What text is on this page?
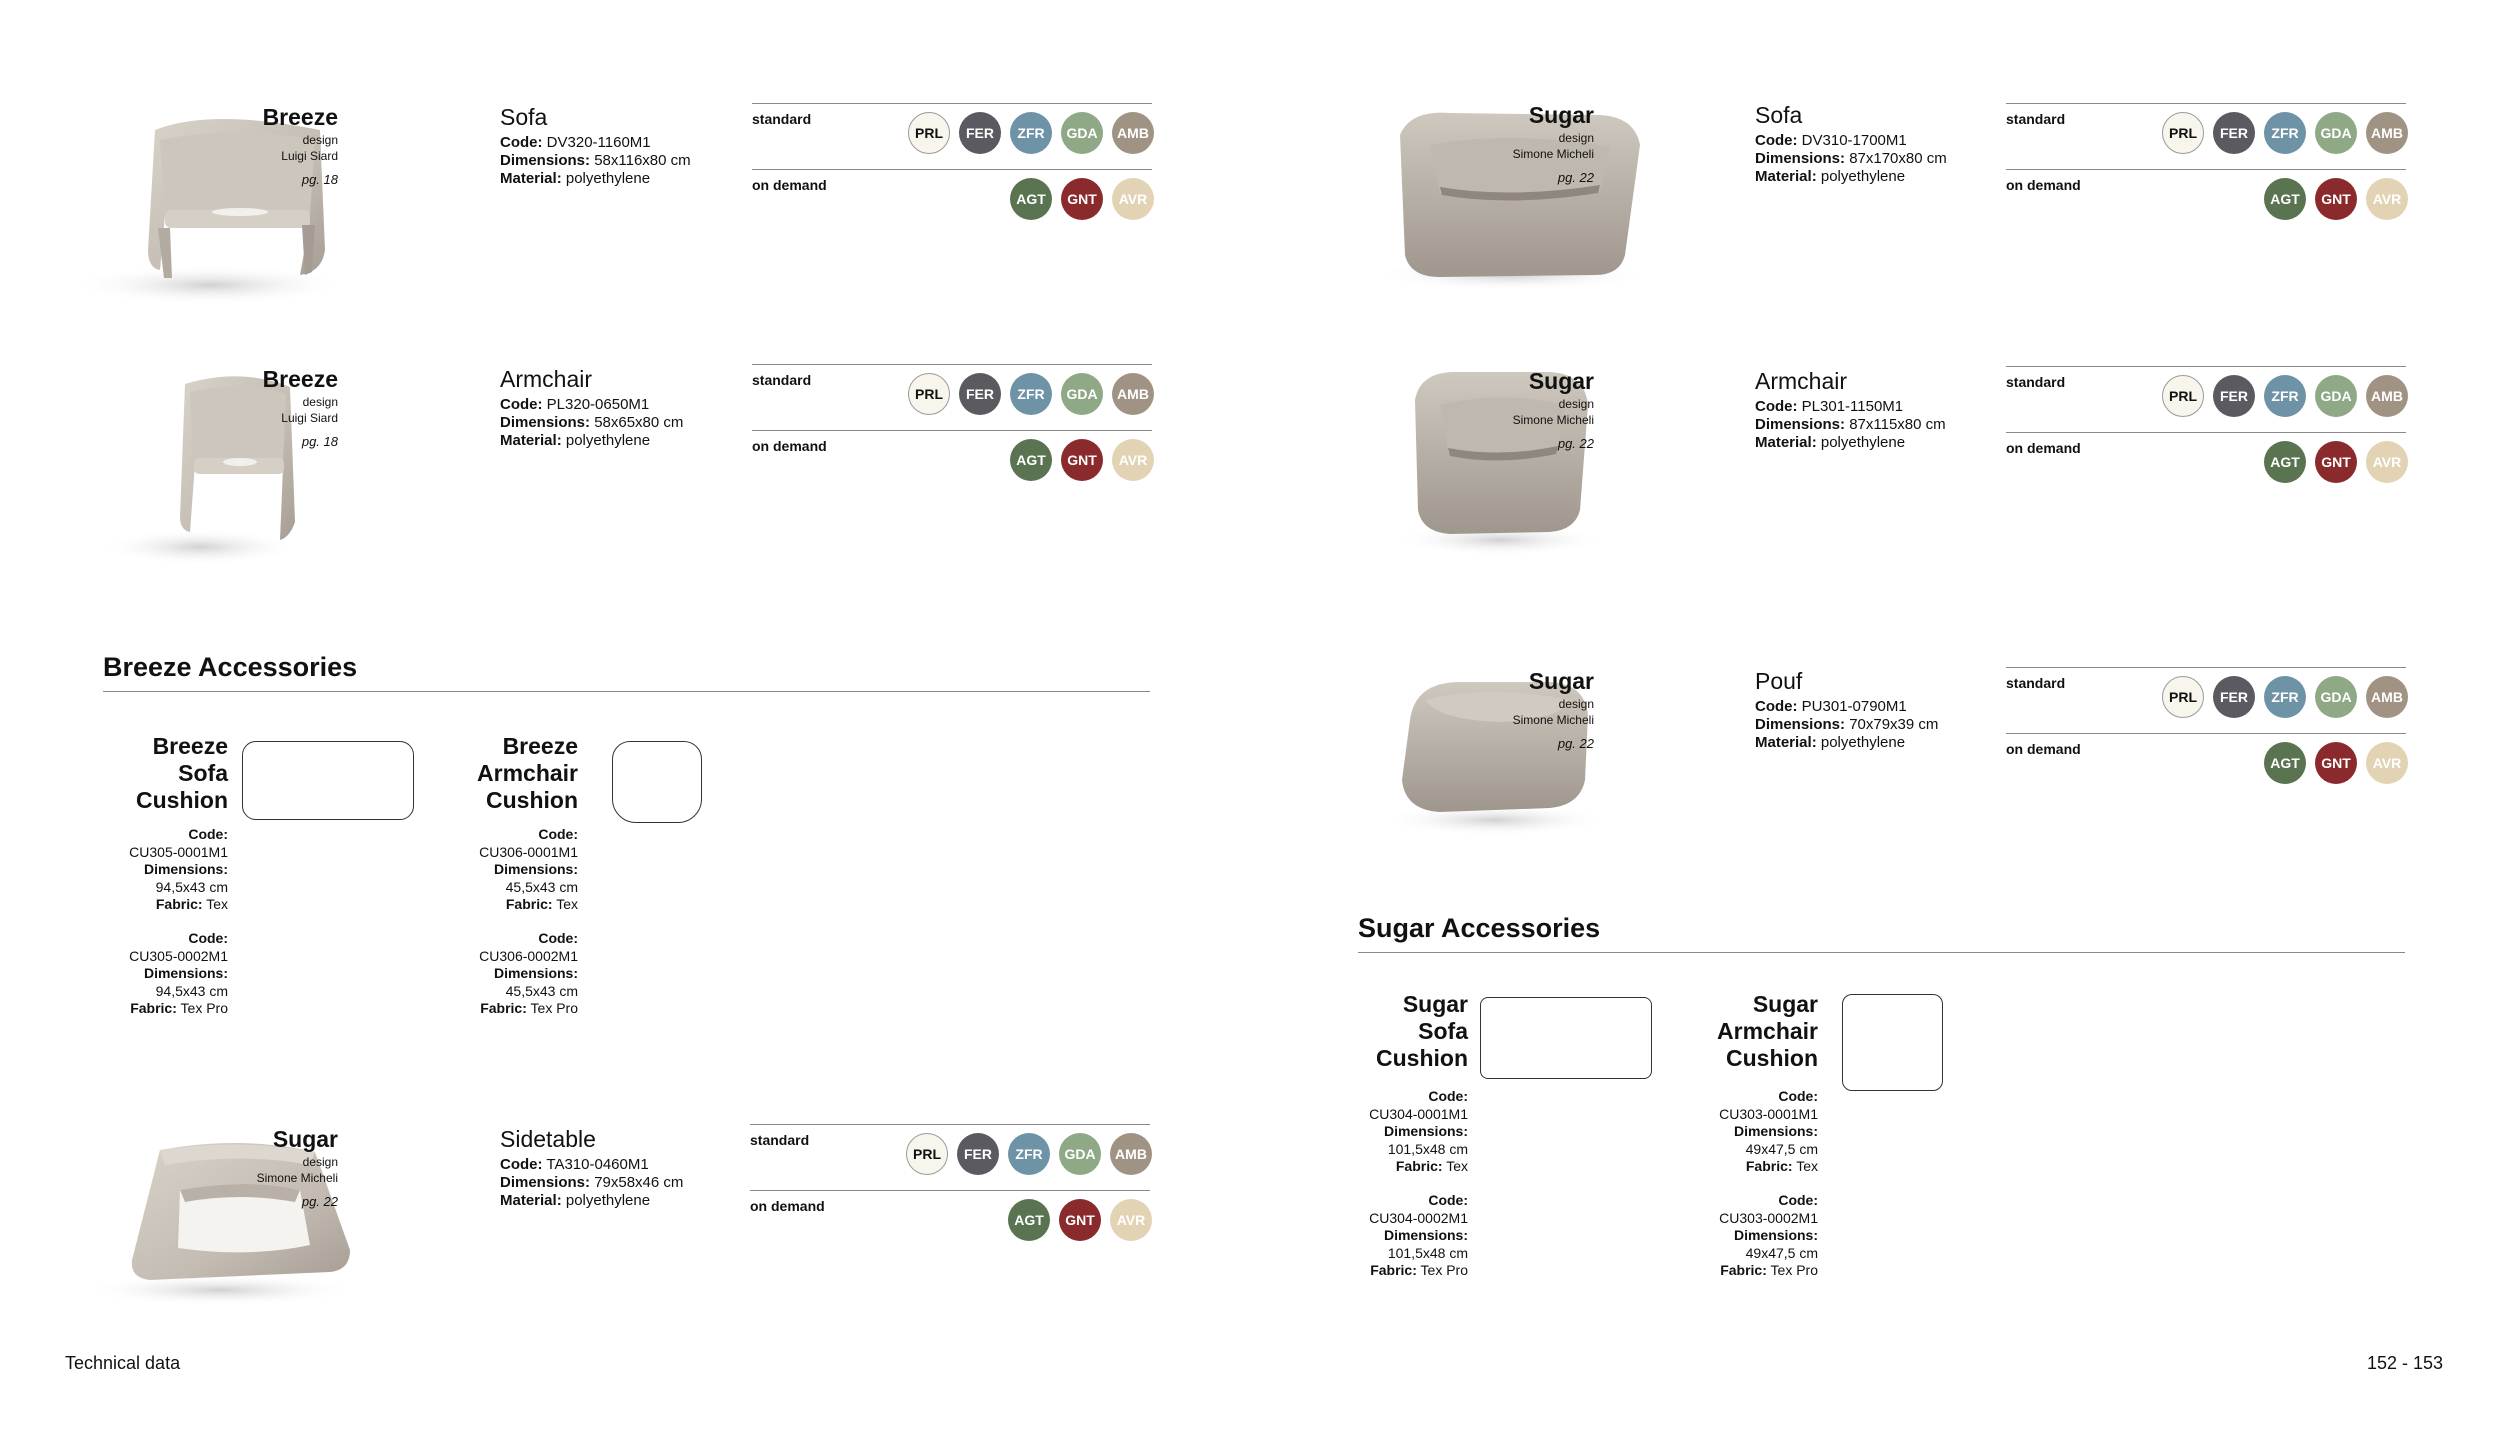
Breeze
design
Luigi Siard
pg. 18
Sofa
Code: DV320-1160M1
Dimensions: 58x116x80 cm
Material: polyethylene
standard
on demand
PRL	FER	ZFR	GDA	AMB
AGT	GNT	AVR
Breeze
design
Luigi Siard
pg. 18
Armchair
Code: PL320-0650M1
Dimensions: 58x65x80 cm
Material: polyethylene
standard
on demand
PRL	FER	ZFR	GDA	AMB
AGT	GNT	AVR
Sugar
design
Simone Micheli
pg. 22
Sidetable
Code: TA310-0460M1
Dimensions: 79x58x46 cm
Material: polyethylene
standard
on demand
PRL	FER	ZFR	GDA	AMB
AGT	GNT	AVR
Sugar
design
Simone Micheli
pg. 22
Sofa
Code: DV310-1700M1
Dimensions: 87x170x80 cm
Material: polyethylene
standard
on demand
PRL	FER	ZFR	GDA	AMB
AGT	GNT	AVR
Sugar
design
Simone Micheli
pg. 22
Armchair
Code: PL301-1150M1
Dimensions: 87x115x80 cm
Material: polyethylene
standard
on demand
PRL	FER	ZFR	GDA	AMB
AGT	GNT	AVR
Sugar
design
Simone Micheli
pg. 22
Pouf
Code: PU301-0790M1
Dimensions: 70x79x39 cm
Material: polyethylene
standard
on demand
PRL	FER	ZFR	GDA	AMB
AGT	GNT	AVR
Breeze Accessories
Sugar Accessories
Breeze
Sofa
Cushion
Code:
CU305-0001M1
Dimensions:
94,5x43 cm
Fabric: Tex
Code:
CU305-0002M1
Dimensions:
94,5x43 cm
Fabric: Tex Pro
Breeze
Armchair
Cushion
Code:
CU306-0001M1
Dimensions:
45,5x43 cm
Fabric: Tex
Code:
CU306-0002M1
Dimensions:
45,5x43 cm
Fabric: Tex Pro	Sugar
Sofa
Cushion
Code:
CU304-0001M1
Dimensions:
101,5x48 cm
Fabric: Tex
Code:
CU304-0002M1
Dimensions:
101,5x48 cm
Fabric: Tex Pro
Sugar
Armchair
Cushion
Code:
CU303-0001M1
Dimensions:
49x47,5 cm
Fabric: Tex
Code:
CU303-0002M1
Dimensions:
49x47,5 cm
Fabric: Tex Pro
Technical data	152 - 153
